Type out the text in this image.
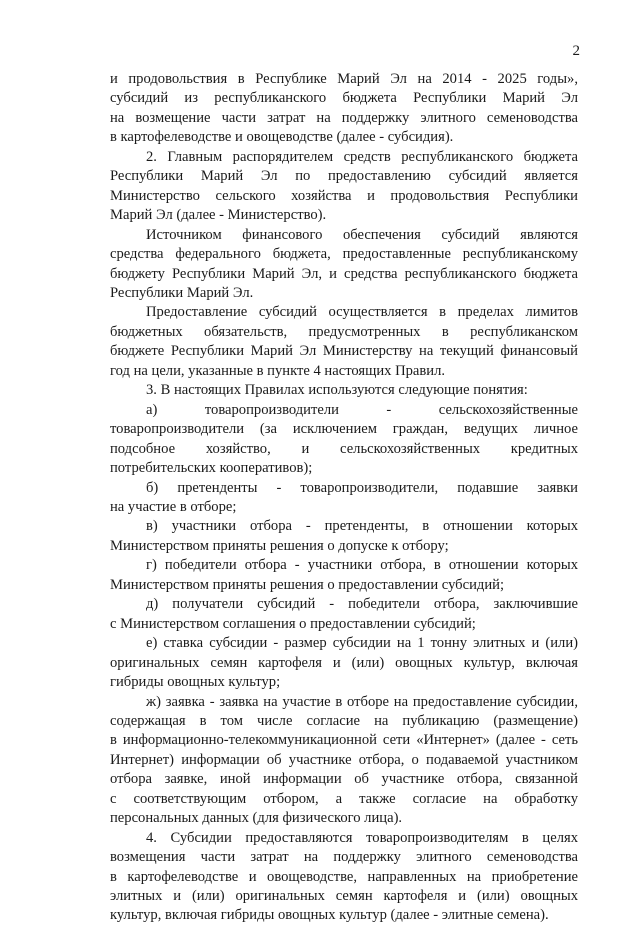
2
и продовольствия в Республике Марий Эл на 2014 - 2025 годы»,
субсидий из республиканского бюджета Республики Марий Эл
на возмещение части затрат на поддержку элитного семеноводства
в картофелеводстве и овощеводстве (далее - субсидия).
2. Главным распорядителем средств республиканского бюджета
Республики Марий Эл по предоставлению субсидий является
Министерство сельского хозяйства и продовольствия Республики
Марий Эл (далее - Министерство).
Источником финансового обеспечения субсидий являются
средства федерального бюджета, предоставленные республиканскому
бюджету Республики Марий Эл, и средства республиканского бюджета
Республики Марий Эл.
Предоставление субсидий осуществляется в пределах лимитов
бюджетных обязательств, предусмотренных в республиканском
бюджете Республики Марий Эл Министерству на текущий финансовый
год на цели, указанные в пункте 4 настоящих Правил.
3. В настоящих Правилах используются следующие понятия:
а) товаропроизводители - сельскохозяйственные
товаропроизводители (за исключением граждан, ведущих личное
подсобное хозяйство, и сельскохозяйственных кредитных
потребительских кооперативов);
б) претенденты - товаропроизводители, подавшие заявки
на участие в отборе;
в) участники отбора - претенденты, в отношении которых
Министерством приняты решения о допуске к отбору;
г) победители отбора - участники отбора, в отношении которых
Министерством приняты решения о предоставлении субсидий;
д) получатели субсидий - победители отбора, заключившие
с Министерством соглашения о предоставлении субсидий;
е) ставка субсидии - размер субсидии на 1 тонну элитных и (или)
оригинальных семян картофеля и (или) овощных культур, включая
гибриды овощных культур;
ж) заявка - заявка на участие в отборе на предоставление субсидии,
содержащая в том числе согласие на публикацию (размещение)
в информационно-телекоммуникационной сети «Интернет» (далее - сеть
Интернет) информации об участнике отбора, о подаваемой участником
отбора заявке, иной информации об участнике отбора, связанной
с соответствующим отбором, а также согласие на обработку
персональных данных (для физического лица).
4. Субсидии предоставляются товаропроизводителям в целях
возмещения части затрат на поддержку элитного семеноводства
в картофелеводстве и овощеводстве, направленных на приобретение
элитных и (или) оригинальных семян картофеля и (или) овощных
культур, включая гибриды овощных культур (далее - элитные семена).
